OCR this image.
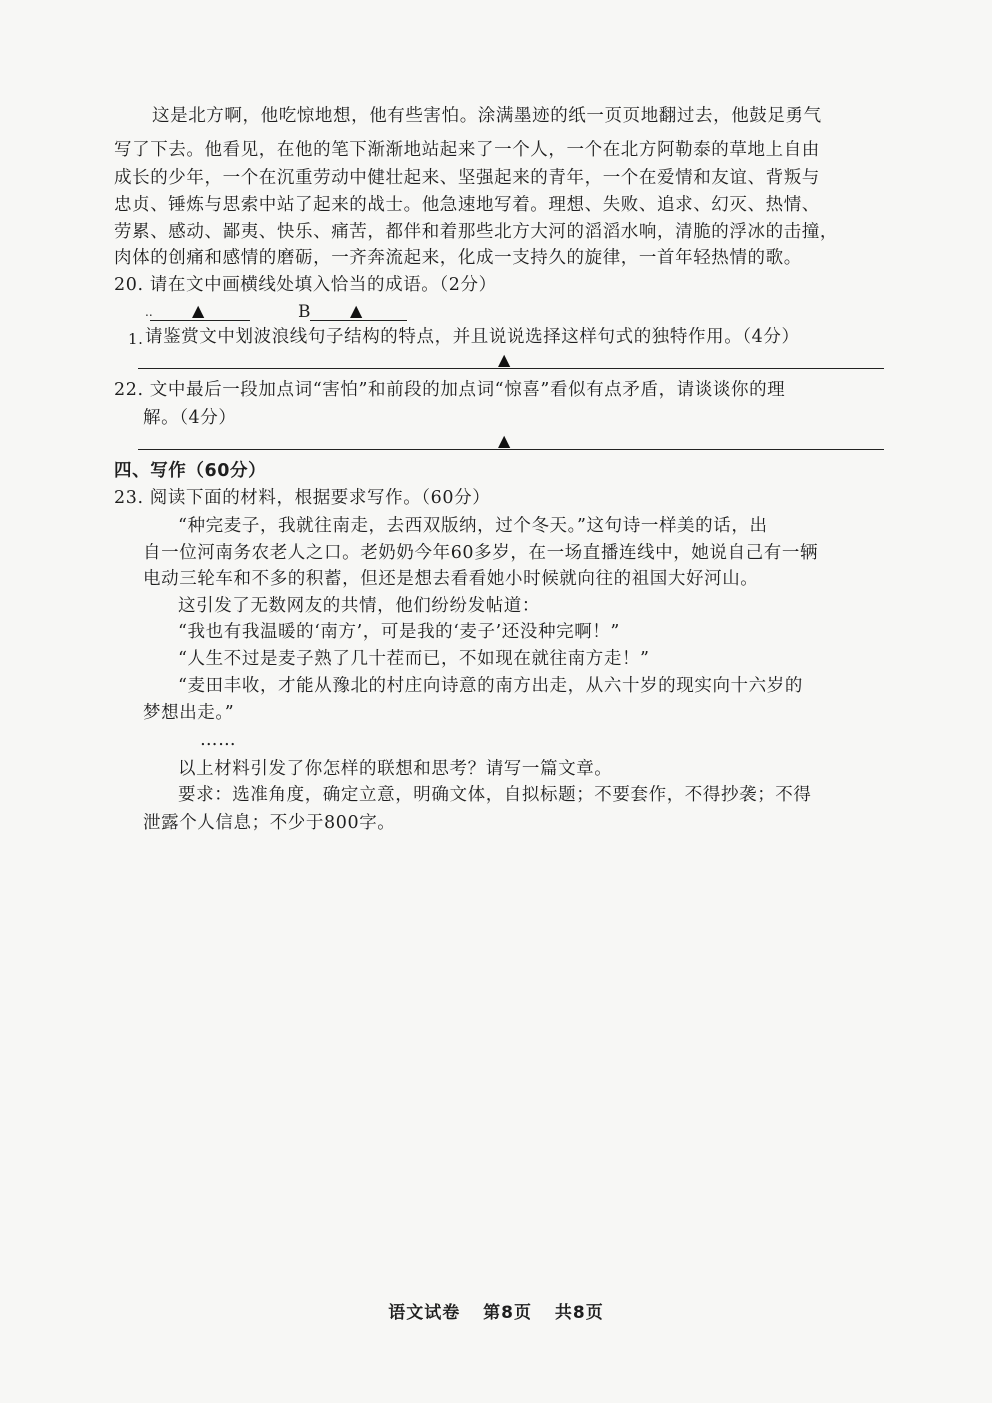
这是北方啊，他吃惊地想，他有些害怕。涂满墨迹的纸一页页地翻过去，他鼓足勇气
写了下去。他看见，在他的笔下渐渐地站起来了一个人，一个在北方阿勒泰的草地上自由
成长的少年，一个在沉重劳动中健壮起来、坚强起来的青年，一个在爱情和友谊、背叛与
忠贞、锤炼与思索中站了起来的战士。他急速地写着。理想、失败、追求、幻灭、热情、
劳累、感动、鄙夷、快乐、痛苦，都伴和着那些北方大河的滔滔水响，清脆的浮冰的击撞，
肉体的创痛和感情的磨砺，一齐奔流起来，化成一支持久的旋律，一首年轻热情的歌。
20. 请在文中画横线处填入恰当的成语。（2分）
.. ▲	B ▲
1. 请鉴赏文中划波浪线句子结构的特点，并且说说选择这样句式的独特作用。（4分）
▲
22. 文中最后一段加点词“害怕”和前段的加点词“惊喜”看似有点矛盾，请谈谈你的理
解。（4分）
▲
四、写作（60分）
23. 阅读下面的材料，根据要求写作。（60分）
“种完麦子，我就往南走，去西双版纳，过个冬天。”这句诗一样美的话，出
自一位河南务农老人之口。老奶奶今年60多岁，在一场直播连线中，她说自己有一辆
电动三轮车和不多的积蓄，但还是想去看看她小时候就向往的祖国大好河山。
这引发了无数网友的共情，他们纷纷发帖道：
“我也有我温暖的‘南方’，可是我的‘麦子’还没种完啊！”
“人生不过是麦子熟了几十茬而已，不如现在就往南方走！”
“麦田丰收，才能从豫北的村庄向诗意的南方出走，从六十岁的现实向十六岁的
梦想出走。”
……
以上材料引发了你怎样的联想和思考？请写一篇文章。
要求：选准角度，确定立意，明确文体，自拟标题；不要套作，不得抄袭；不得
泄露个人信息；不少于800字。
语文试卷 第8页 共8页
